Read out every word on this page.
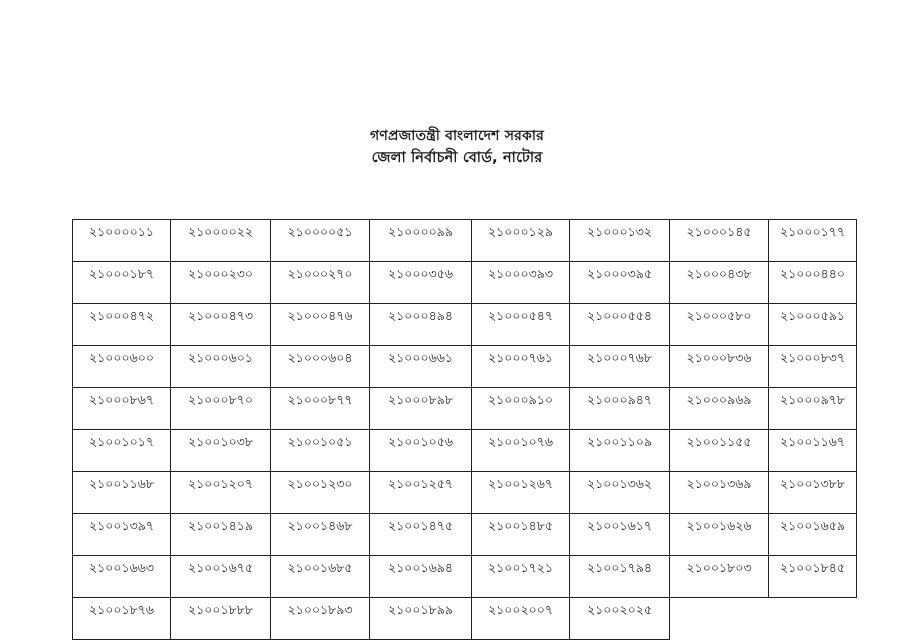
গণপ্রজাতন্ত্রী বাংলাদেশ সরকার
জেলা নির্বাচনী বোর্ড, নাটোর
২১০০০০১১	২১০০০০২২	২১০০০০৫১	২১০০০০৯৯	২১০০০১২৯	২১০০০১৩২	২১০০০১৪৫	২১০০০১৭৭
২১০০০১৮৭	২১০০০২৩০	২১০০০২৭০	২১০০০৩৫৬	২১০০০৩৯৩	২১০০০৩৯৫	২১০০০৪৩৮	২১০০০৪৪০
২১০০০৪৭২	২১০০০৪৭৩	২১০০০৪৭৬	২১০০০৪৯৪	২১০০০৫৪৭	২১০০০৫৫৪	২১০০০৫৮০	২১০০০৫৯১
২১০০০৬০০	২১০০০৬০১	২১০০০৬০৪	২১০০০৬৬১	২১০০০৭৬১	২১০০০৭৬৮	২১০০০৮৩৬	২১০০০৮৩৭
২১০০০৮৬৭	২১০০০৮৭০	২১০০০৮৭৭	২১০০০৮৯৮	২১০০০৯১০	২১০০০৯৪৭	২১০০০৯৬৯	২১০০০৯৭৮
২১০০১০১৭	২১০০১০৩৮	২১০০১০৫১	২১০০১০৫৬	২১০০১০৭৬	২১০০১১০৯	২১০০১১৫৫	২১০০১১৬৭
২১০০১১৬৮	২১০০১২০৭	২১০০১২৩০	২১০০১২৫৭	২১০০১২৬৭	২১০০১৩৬২	২১০০১৩৬৯	২১০০১৩৮৮
২১০০১৩৯৭	২১০০১৪১৯	২১০০১৪৬৮	২১০০১৪৭৫	২১০০১৪৮৫	২১০০১৬১৭	২১০০১৬২৬	২১০০১৬৫৯
২১০০১৬৬৩	২১০০১৬৭৫	২১০০১৬৮৫	২১০০১৬৯৪	২১০০১৭২১	২১০০১৭৯৪	২১০০১৮০৩	২১০০১৮৪৫
২১০০১৮৭৬	২১০০১৮৮৮	২১০০১৮৯৩	২১০০১৮৯৯	২১০০২০০৭	২১০০২০২৫		
